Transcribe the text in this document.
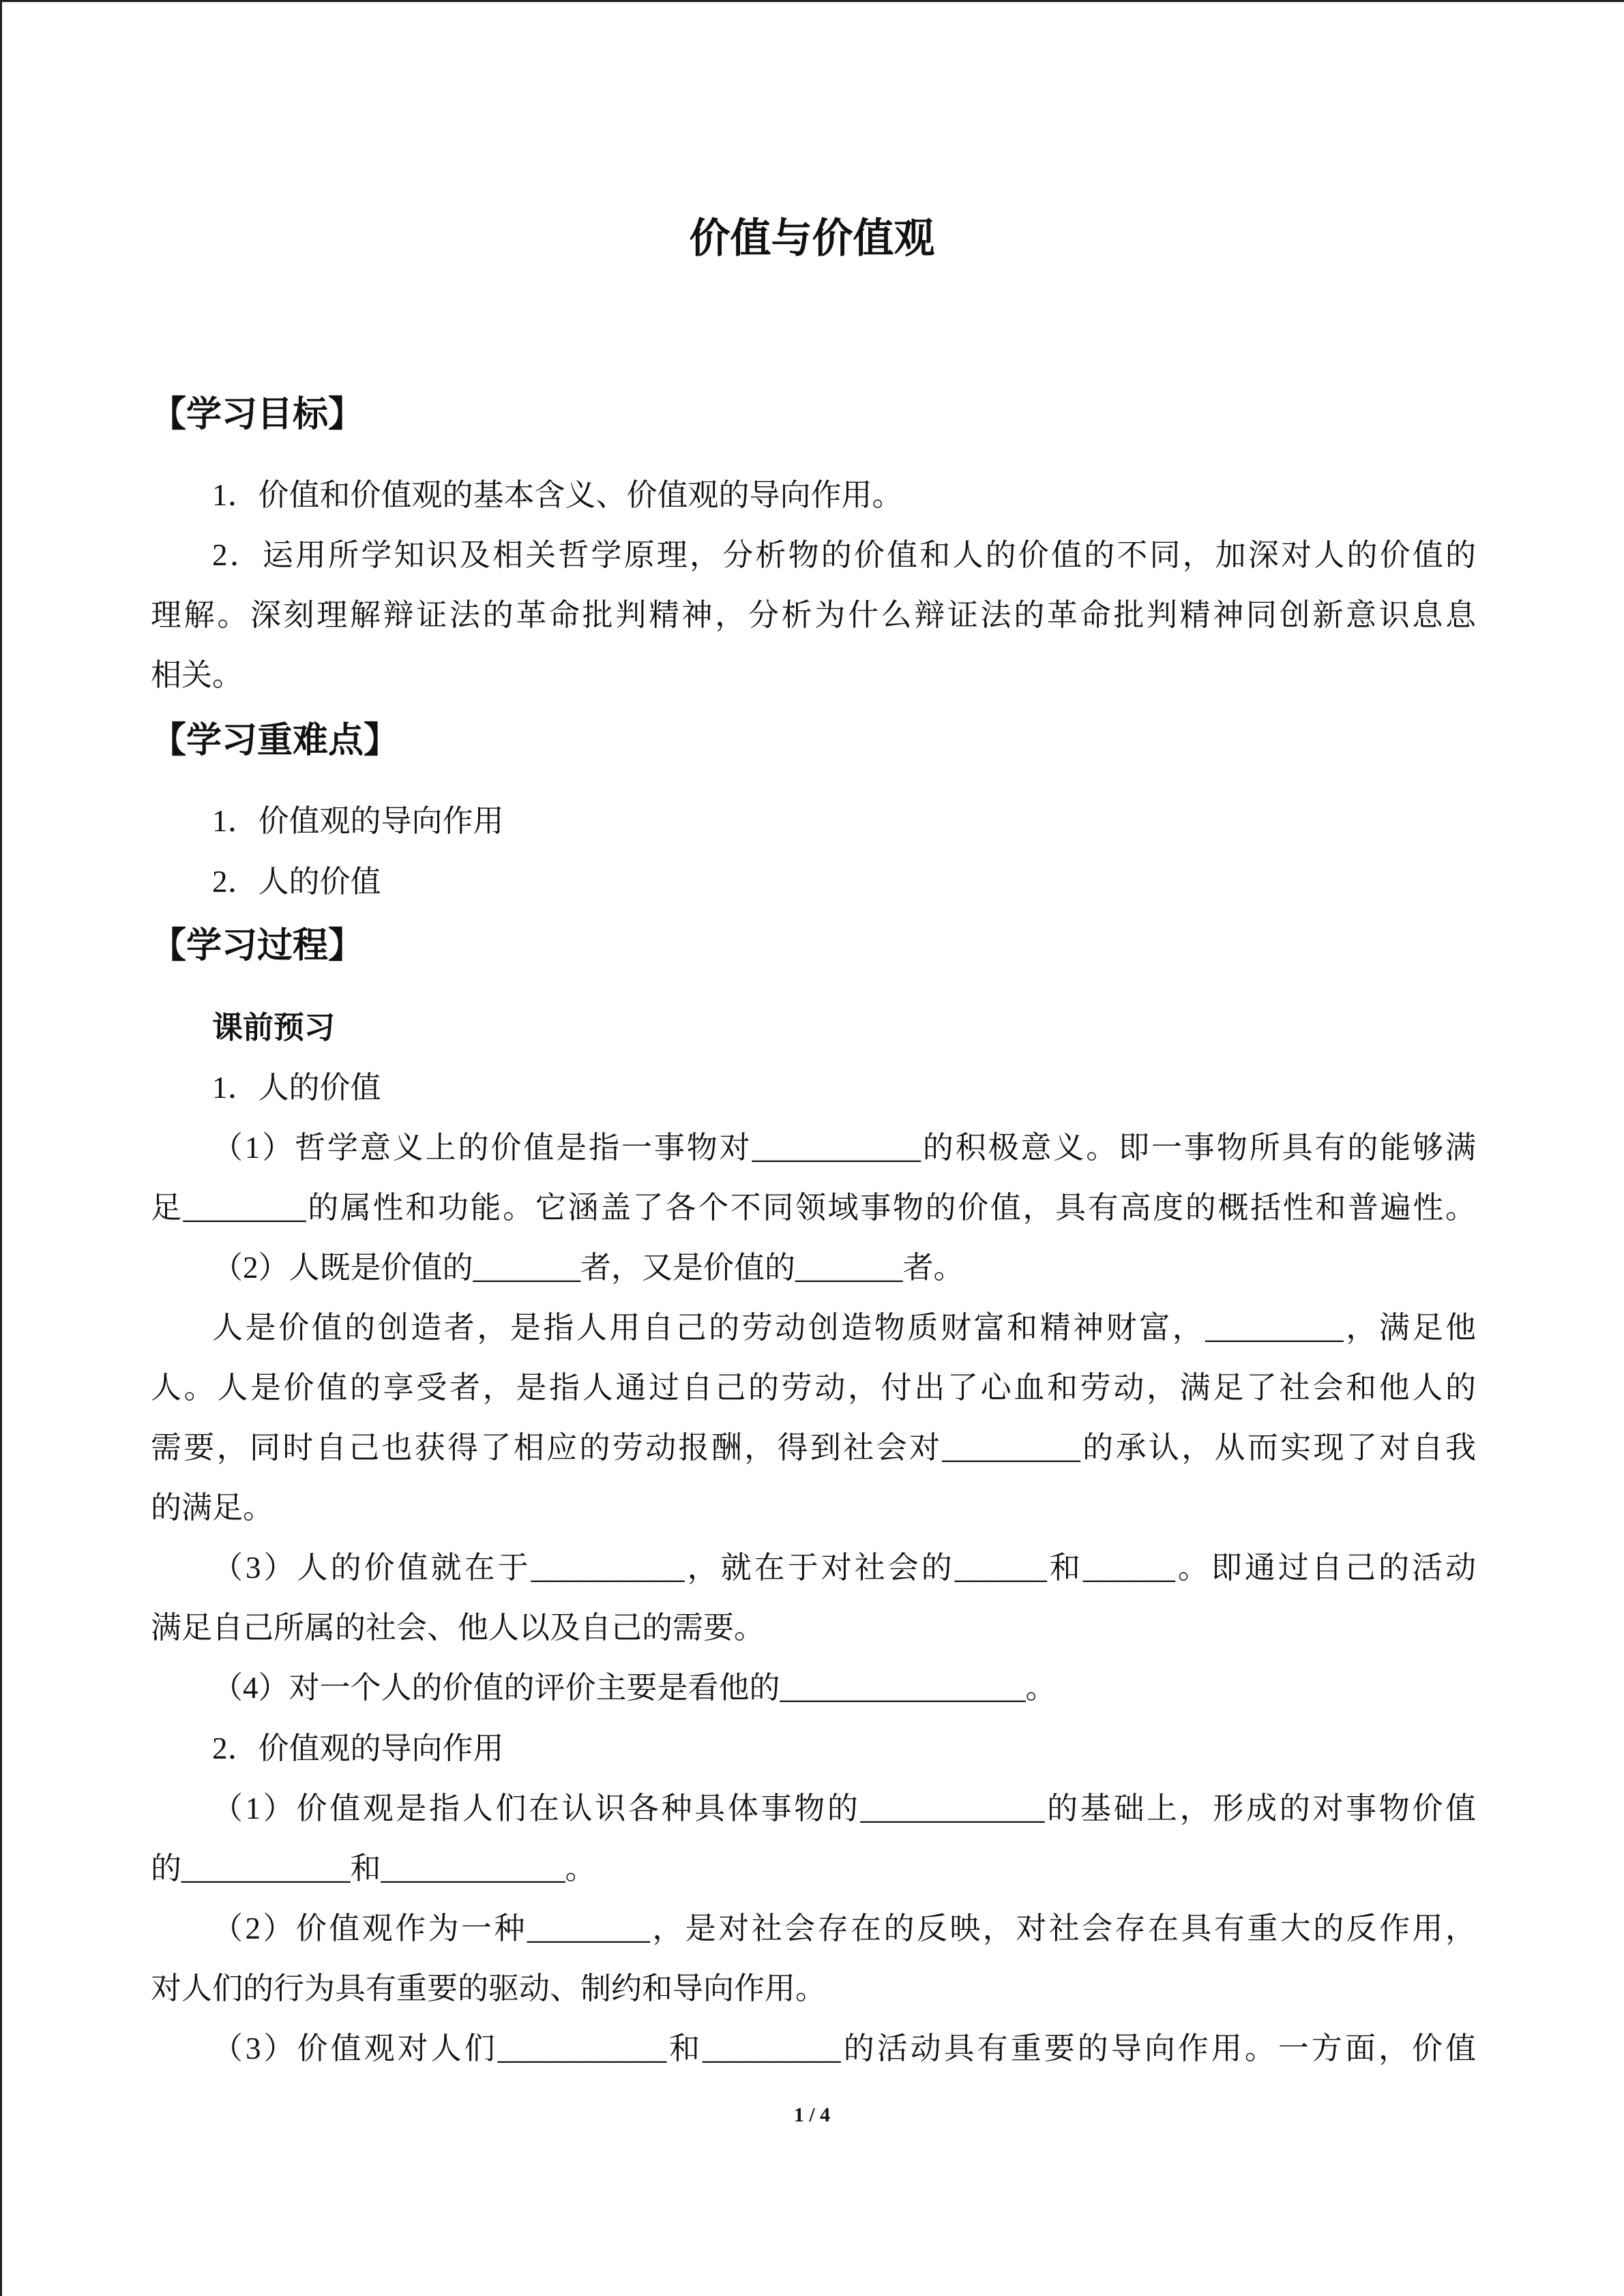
价值与价值观
【学习目标】
1．价值和价值观的基本含义、价值观的导向作用。
2．运用所学知识及相关哲学原理，分析物的价值和人的价值的不同，加深对人的价值的
理解。深刻理解辩证法的革命批判精神，分析为什么辩证法的革命批判精神同创新意识息息
相关。
【学习重难点】
1．价值观的导向作用
2．人的价值
【学习过程】
课前预习
1．人的价值
（1）哲学意义上的价值是指一事物对___________的积极意义。即一事物所具有的能够满
足________的属性和功能。它涵盖了各个不同领域事物的价值，具有高度的概括性和普遍性。
（2）人既是价值的_______者，又是价值的_______者。
人是价值的创造者，是指人用自己的劳动创造物质财富和精神财富，_________，满足他
人。人是价值的享受者，是指人通过自己的劳动，付出了心血和劳动，满足了社会和他人的
需要，同时自己也获得了相应的劳动报酬，得到社会对_________的承认，从而实现了对自我
的满足。
（3）人的价值就在于__________，就在于对社会的______和______。即通过自己的活动
满足自己所属的社会、他人以及自己的需要。
（4）对一个人的价值的评价主要是看他的________________。
2．价值观的导向作用
（1）价值观是指人们在认识各种具体事物的____________的基础上，形成的对事物价值
的___________和____________。
（2）价值观作为一种________，是对社会存在的反映，对社会存在具有重大的反作用，
对人们的行为具有重要的驱动、制约和导向作用。
（3）价值观对人们___________和_________的活动具有重要的导向作用。一方面，价值
1 / 4
